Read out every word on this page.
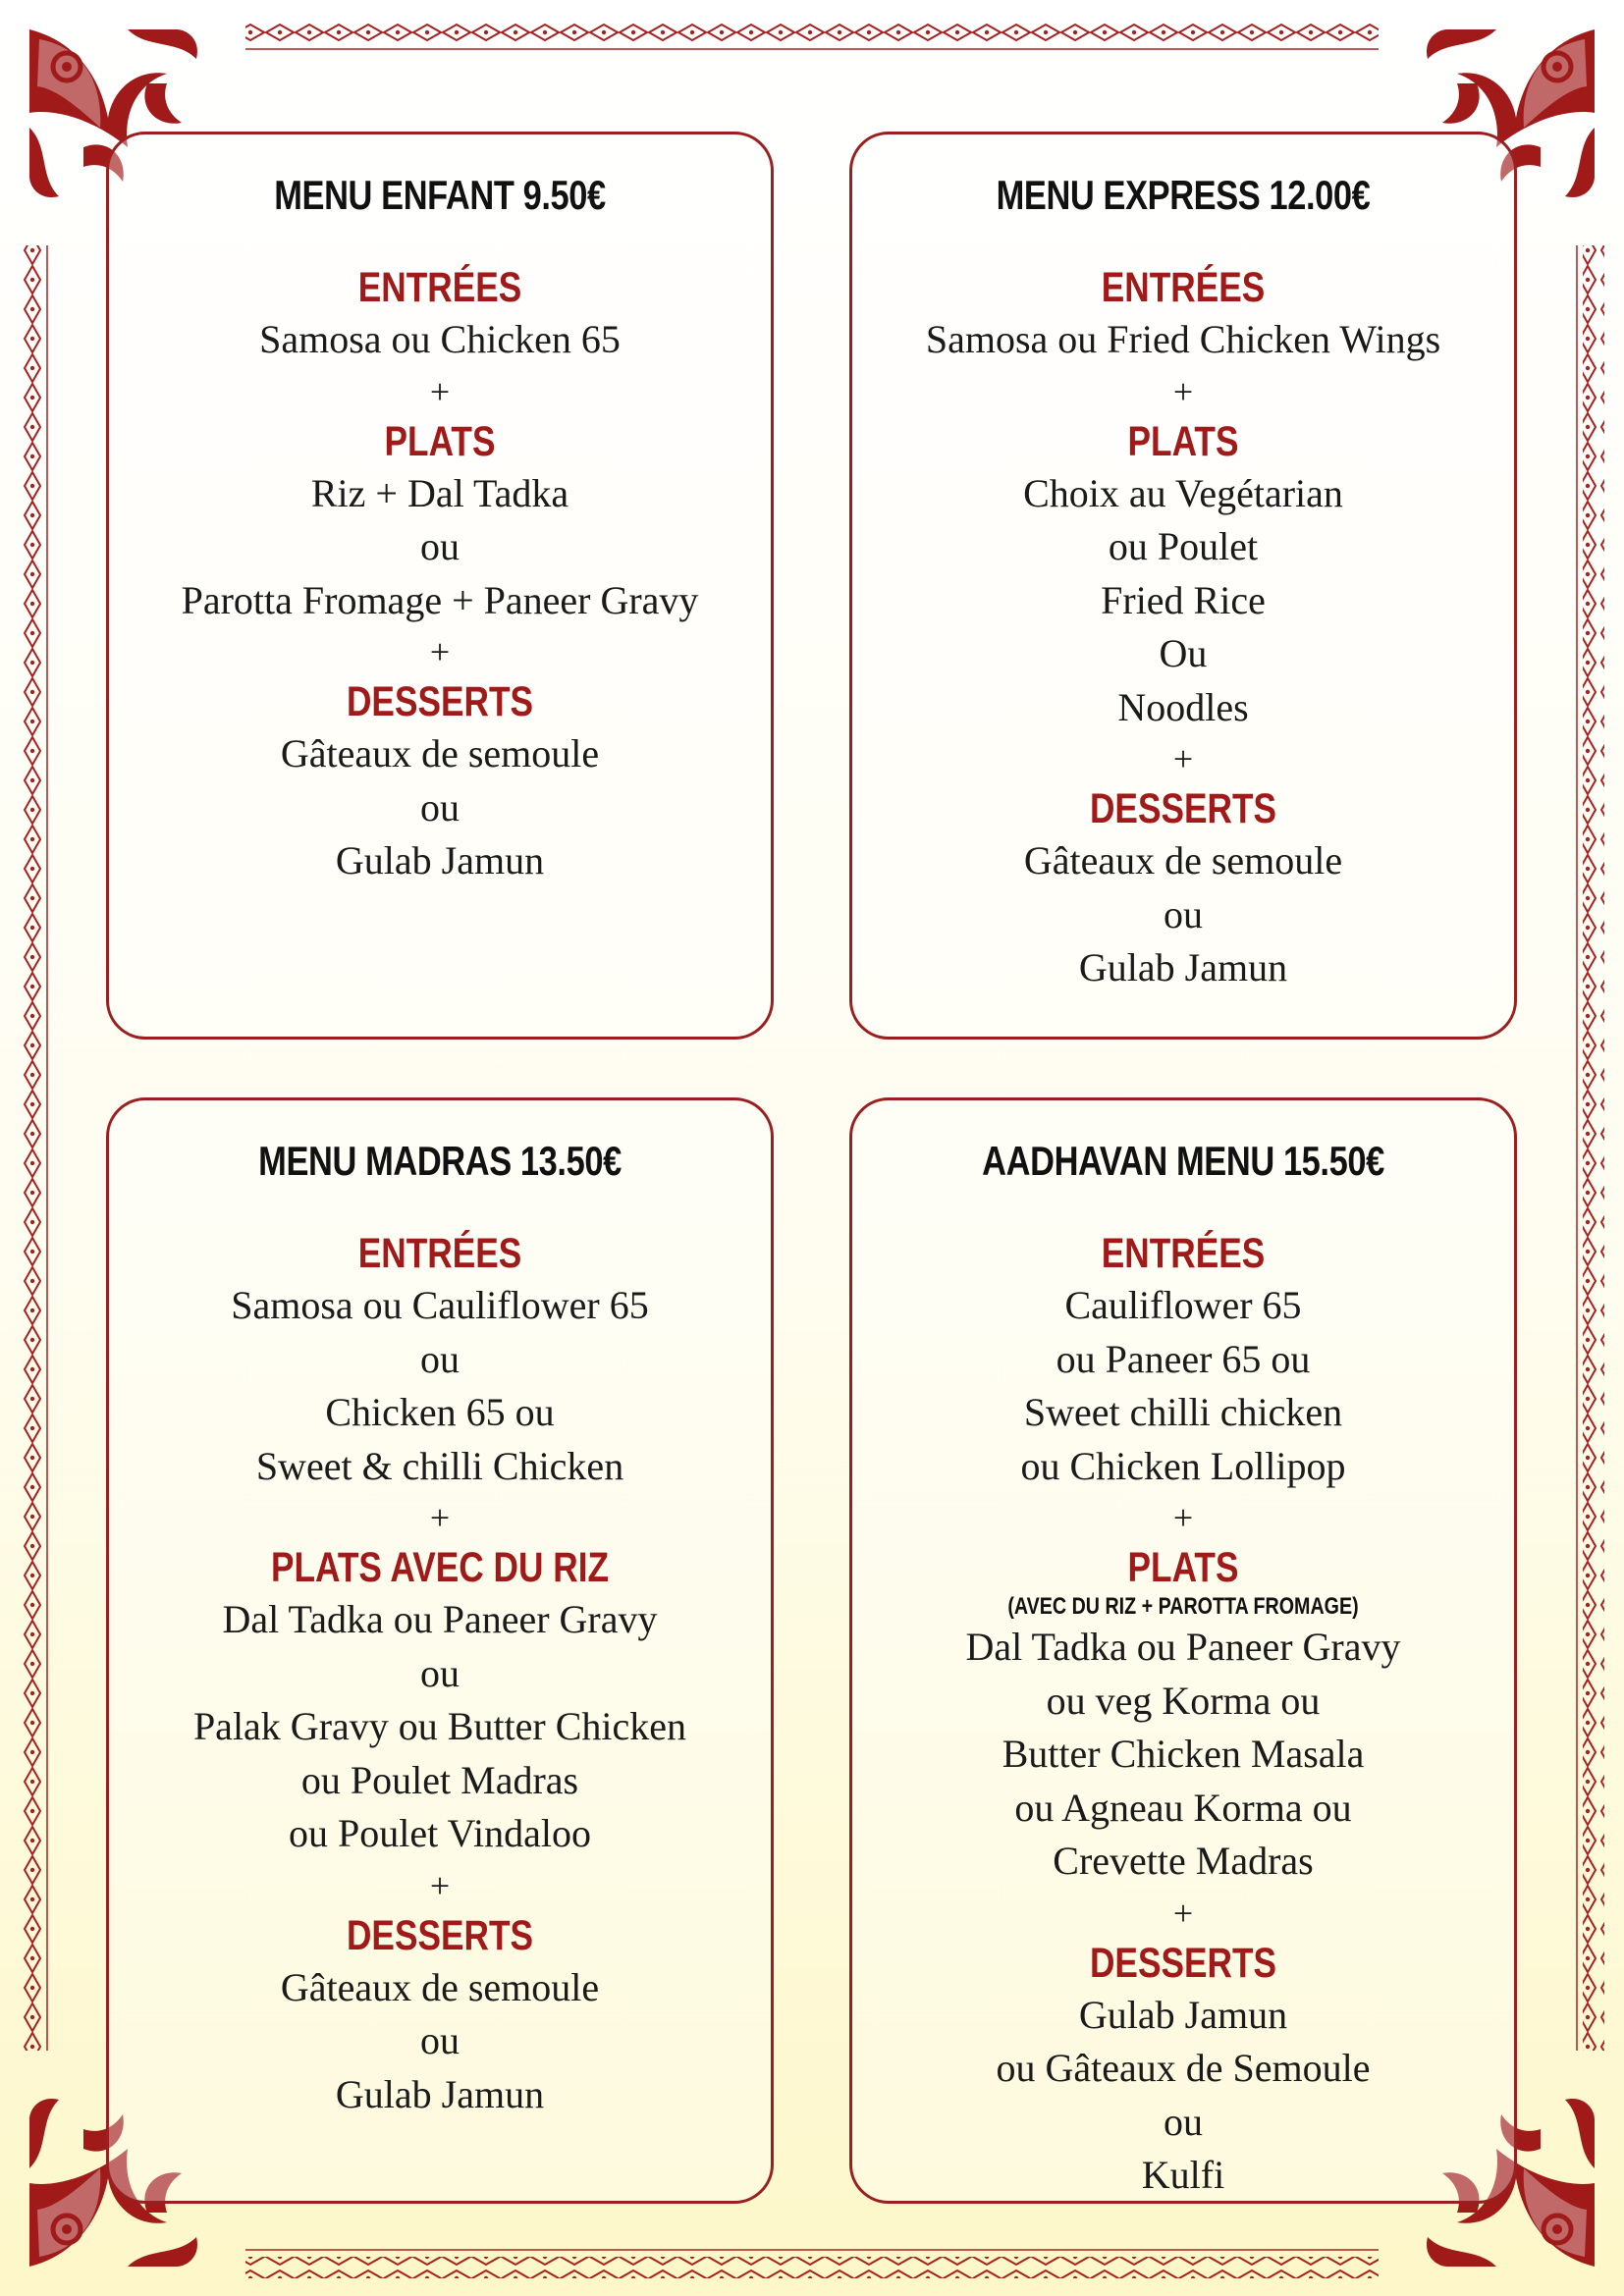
MENU ENFANT 9.50€
ENTRÉES
Samosa ou Chicken 65
+
PLATS
Riz + Dal Tadka
ou
Parotta Fromage + Paneer Gravy
+
DESSERTS
Gâteaux de semoule
ou
Gulab Jamun
MENU EXPRESS 12.00€
ENTRÉES
Samosa ou Fried Chicken Wings
+
PLATS
Choix au Vegétarian
ou Poulet
Fried Rice
Ou
Noodles
+
DESSERTS
Gâteaux de semoule
ou
Gulab Jamun
MENU MADRAS 13.50€
ENTRÉES
Samosa ou Cauliflower 65
ou
Chicken 65 ou
Sweet & chilli Chicken
+
PLATS AVEC DU RIZ
Dal Tadka ou Paneer Gravy
ou
Palak Gravy ou Butter Chicken
ou Poulet Madras
ou Poulet Vindaloo
+
DESSERTS
Gâteaux de semoule
ou
Gulab Jamun
AADHAVAN MENU 15.50€
ENTRÉES
Cauliflower 65
ou Paneer 65 ou
Sweet chilli chicken
ou Chicken Lollipop
+
PLATS
(AVEC DU RIZ + PAROTTA FROMAGE)
Dal Tadka ou Paneer Gravy
ou veg Korma ou
Butter Chicken Masala
ou Agneau Korma ou
Crevette Madras
+
DESSERTS
Gulab Jamun
ou Gâteaux de Semoule
ou
Kulfi
